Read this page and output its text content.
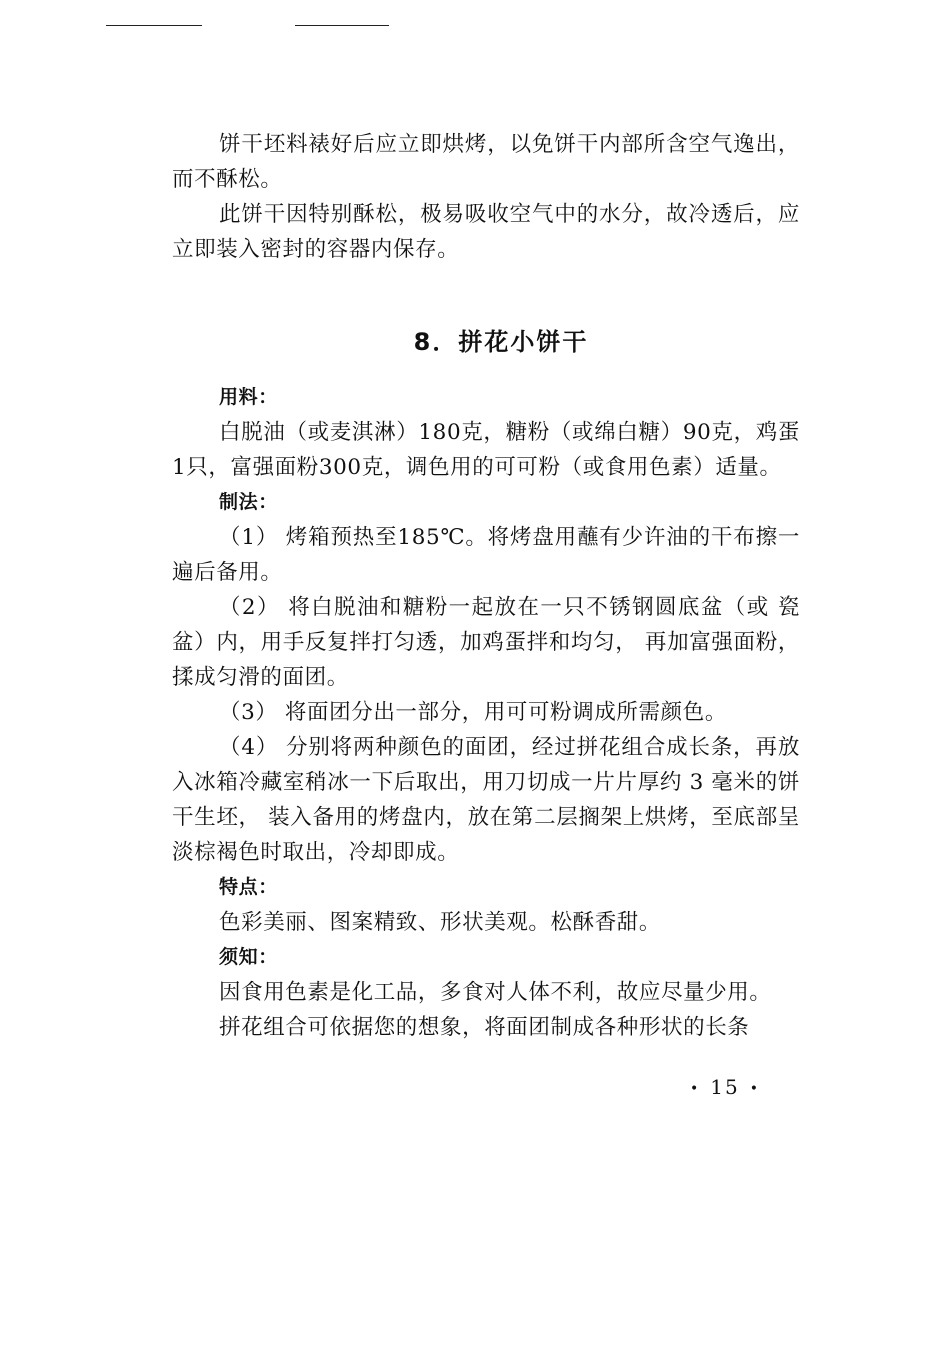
饼干坯料裱好后应立即烘烤，以免饼干内部所含空气逸出，而不酥松。

此饼干因特别酥松，极易吸收空气中的水分，故冷透后，应立即装入密封的容器内保存。

8．拼花小饼干

用料：

白脱油（或麦淇淋）180克，糖粉（或绵白糖）90克，鸡蛋1只，富强面粉300克，调色用的可可粉（或食用色素）适量。

制法：

（1） 烤箱预热至185℃。将烤盘用蘸有少许油的干布擦一遍后备用。

（2） 将白脱油和糖粉一起放在一只不锈钢圆底盆（或 瓷盆）内，用手反复拌打匀透，加鸡蛋拌和均匀， 再加富强面粉，揉成匀滑的面团。

（3） 将面团分出一部分，用可可粉调成所需颜色。

（4） 分别将两种颜色的面团，经过拼花组合成长条，再放入冰箱冷藏室稍冰一下后取出，用刀切成一片片厚约 3 毫米的饼干生坯， 装入备用的烤盘内，放在第二层搁架上烘烤，至底部呈淡棕褐色时取出，冷却即成。

特点：

色彩美丽、图案精致、形状美观。松酥香甜。

须知：

因食用色素是化工品，多食对人体不利，故应尽量少用。

拼花组合可依据您的想象，将面团制成各种形状的长条

• 15 •
